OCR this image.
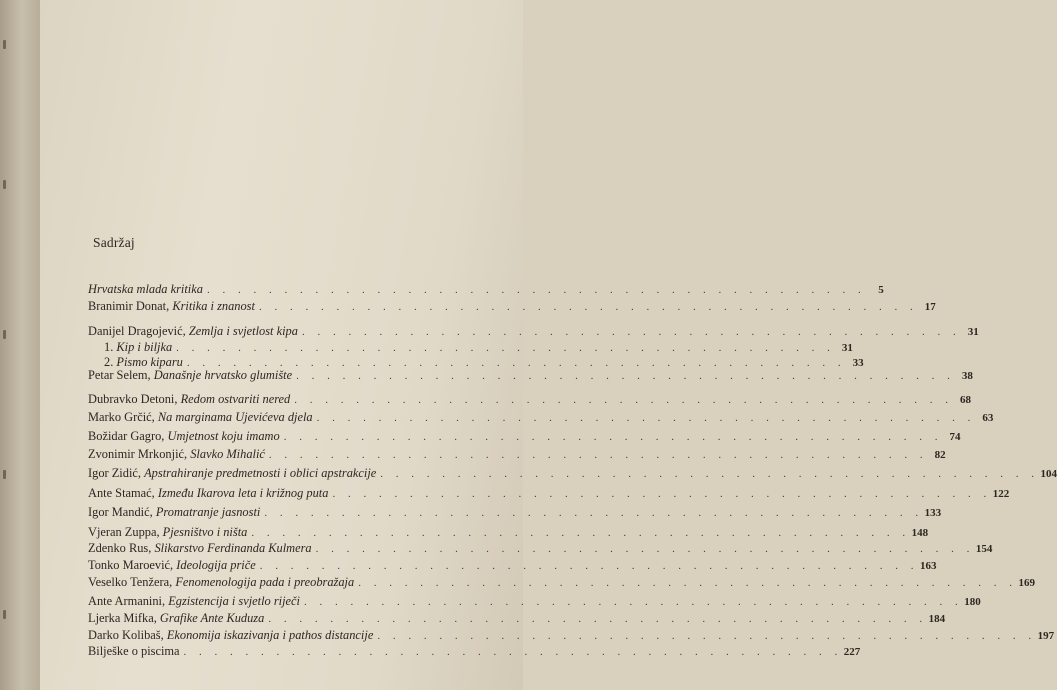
Sadržaj
Hrvatska mlada kritika . . .	5
Branimir Donat, Kritika i znanost . . .	17
Danijel Dragojević, Zemlja i svjetlost kipa . . .	31
1. Kip i biljka . . .	31
2. Pismo kiparu . . .	33
Petar Selem, Današnje hrvatsko glumište . . .	38
Dubravko Detoni, Redom ostvariti nered . . .	68
Marko Grčić, Na marginama Ujevićeva djela . . .	63
Božidar Gagro, Umjetnost koju imamo . . .	74
Zvonimir Mrkonjić, Slavko Mihalić . . .	82
Igor Zidić, Apstrahiranje predmetnosti i oblici apstrakcije . . .	104
Ante Stamać, Između Ikarova leta i križnog puta . . .	122
Igor Mandić, Promatranje jasnosti . . .	133
Vjeran Zuppa, Pjesništvo i ništa . . .	148
Zdenko Rus, Slikarstvo Ferdinanda Kulmera . . .	154
Tonko Maroević, Ideologija priče . . .	163
Veselko Tenžera, Fenomenologija pada i preobražaja . . .	169
Ante Armanini, Egzistencija i svjetlo riječi . . .	180
Ljerka Mifka, Grafike Ante Kuduza . . .	184
Darko Kolibaš, Ekonomija iskazivanja i pathos distancije . . .	197
Bilješke o piscima . . .	227
